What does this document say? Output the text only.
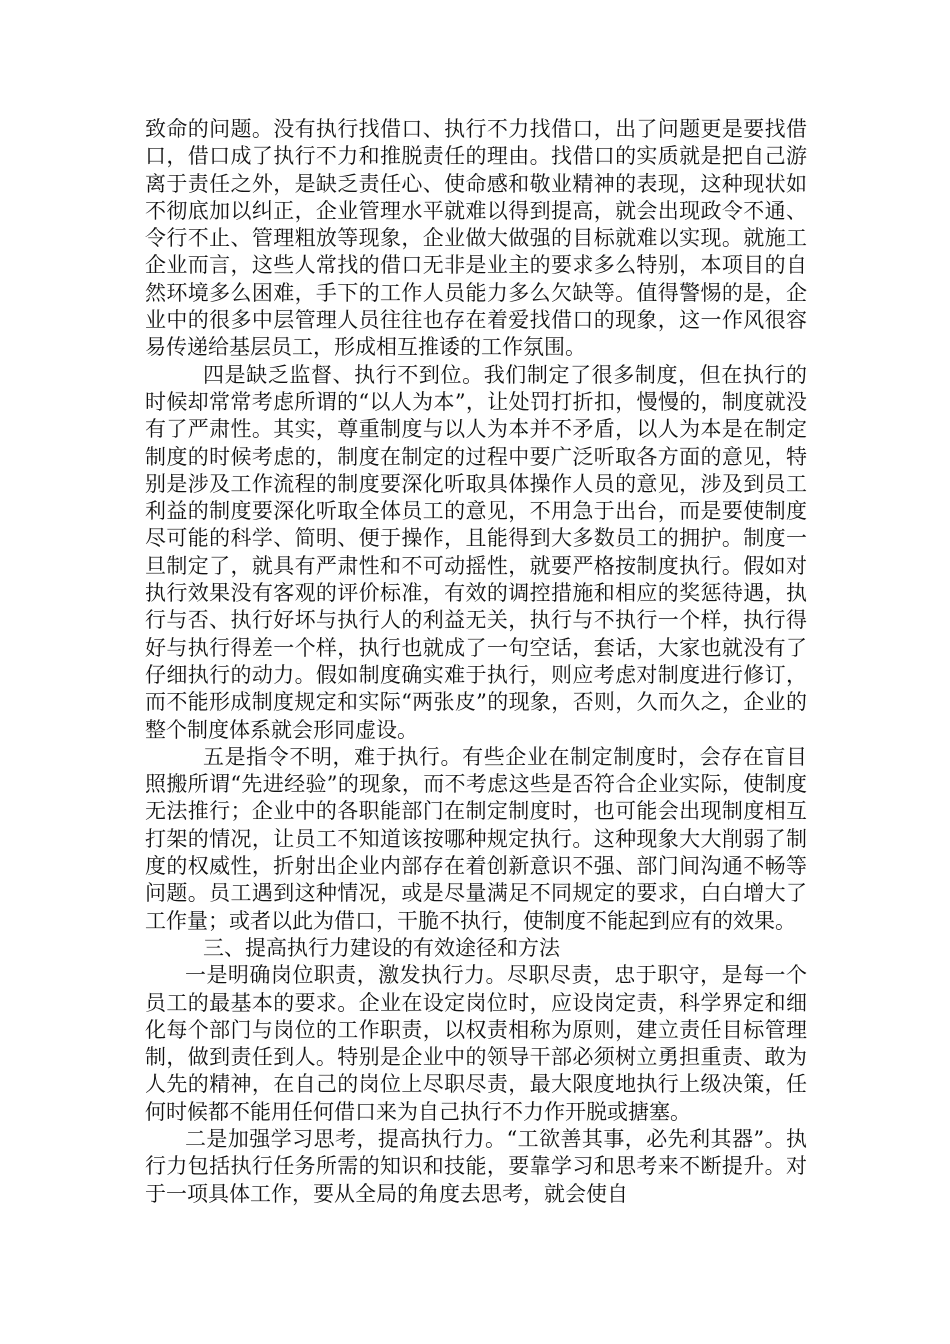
致命的问题。没有执行找借口、执行不力找借口，出了问题更是要找借口，借口成了执行不力和推脱责任的理由。找借口的实质就是把自己游离于责任之外，是缺乏责任心、使命感和敬业精神的表现，这种现状如不彻底加以纠正，企业管理水平就难以得到提高，就会出现政令不通、令行不止、管理粗放等现象，企业做大做强的目标就难以实现。就施工企业而言，这些人常找的借口无非是业主的要求多么特别，本项目的自然环境多么困难，手下的工作人员能力多么欠缺等。值得警惕的是，企业中的很多中层管理人员往往也存在着爱找借口的现象，这一作风很容易传递给基层员工，形成相互推诿的工作氛围。

四是缺乏监督、执行不到位。我们制定了很多制度，但在执行的时候却常常考虑所谓的“以人为本”，让处罚打折扣，慢慢的，制度就没有了严肃性。其实，尊重制度与以人为本并不矛盾，以人为本是在制定制度的时候考虑的，制度在制定的过程中要广泛听取各方面的意见，特别是涉及工作流程的制度要深化听取具体操作人员的意见，涉及到员工利益的制度要深化听取全体员工的意见，不用急于出台，而是要使制度尽可能的科学、简明、便于操作，且能得到大多数员工的拥护。制度一旦制定了，就具有严肃性和不可动摇性，就要严格按制度执行。假如对执行效果没有客观的评价标准，有效的调控措施和相应的奖惩待遇，执行与否、执行好坏与执行人的利益无关，执行与不执行一个样，执行得好与执行得差一个样，执行也就成了一句空话，套话，大家也就没有了仔细执行的动力。假如制度确实难于执行，则应考虑对制度进行修订，而不能形成制度规定和实际“两张皮”的现象，否则，久而久之，企业的整个制度体系就会形同虚设。

五是指令不明，难于执行。有些企业在制定制度时，会存在盲目照搬所谓“先进经验”的现象，而不考虑这些是否符合企业实际，使制度无法推行；企业中的各职能部门在制定制度时，也可能会出现制度相互打架的情况，让员工不知道该按哪种规定执行。这种现象大大削弱了制度的权威性，折射出企业内部存在着创新意识不强、部门间沟通不畅等问题。员工遇到这种情况，或是尽量满足不同规定的要求，白白增大了工作量；或者以此为借口，干脆不执行，使制度不能起到应有的效果。

三、提高执行力建设的有效途径和方法

一是明确岗位职责，激发执行力。尽职尽责，忠于职守，是每一个员工的最基本的要求。企业在设定岗位时，应设岗定责，科学界定和细化每个部门与岗位的工作职责，以权责相称为原则，建立责任目标管理制，做到责任到人。特别是企业中的领导干部必须树立勇担重责、敢为人先的精神，在自己的岗位上尽职尽责，最大限度地执行上级决策，任何时候都不能用任何借口来为自己执行不力作开脱或搪塞。

二是加强学习思考，提高执行力。“工欲善其事，必先利其器”。执行力包括执行任务所需的知识和技能，要靠学习和思考来不断提升。对于一项具体工作，要从全局的角度去思考，就会使自
